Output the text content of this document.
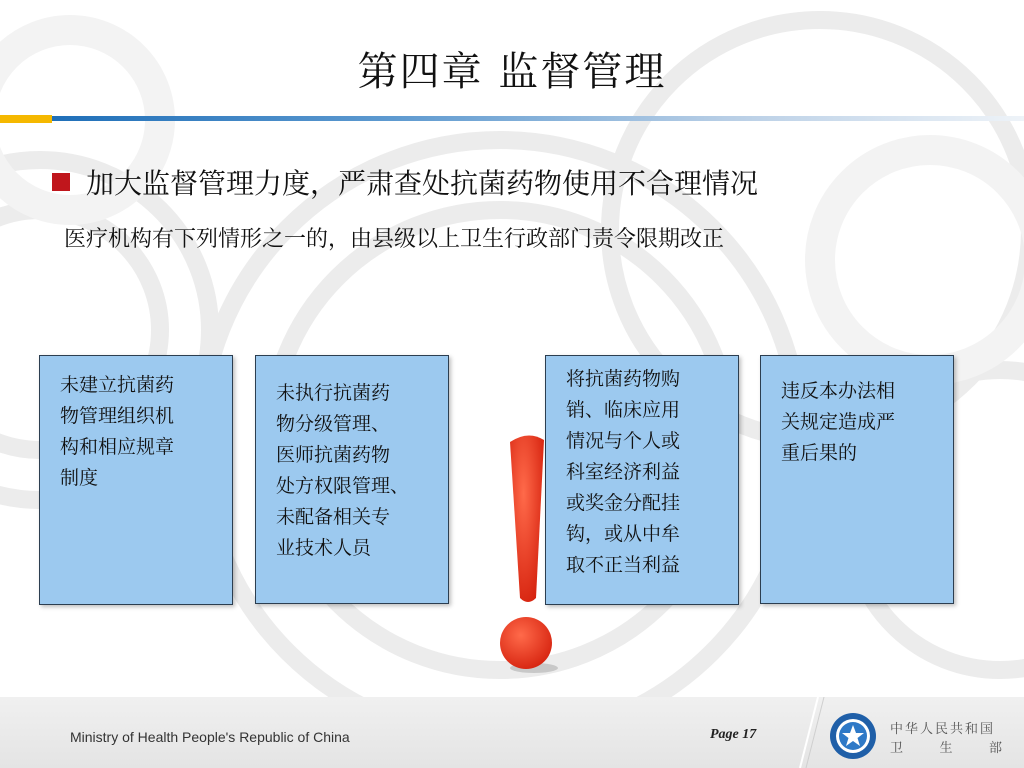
第四章 监督管理
加大监督管理力度，严肃查处抗菌药物使用不合理情况
医疗机构有下列情形之一的，由县级以上卫生行政部门责令限期改正
未建立抗菌药
物管理组织机
构和相应规章
制度
未执行抗菌药
物分级管理、
医师抗菌药物
处方权限管理、
未配备相关专
业技术人员
将抗菌药物购
销、临床应用
情况与个人或
科室经济利益
或奖金分配挂
钩，或从中牟
取不正当利益
违反本办法相
关规定造成严
重后果的
Ministry of Health People's Republic of China	Page 17	中华人民共和国
卫	生	部
